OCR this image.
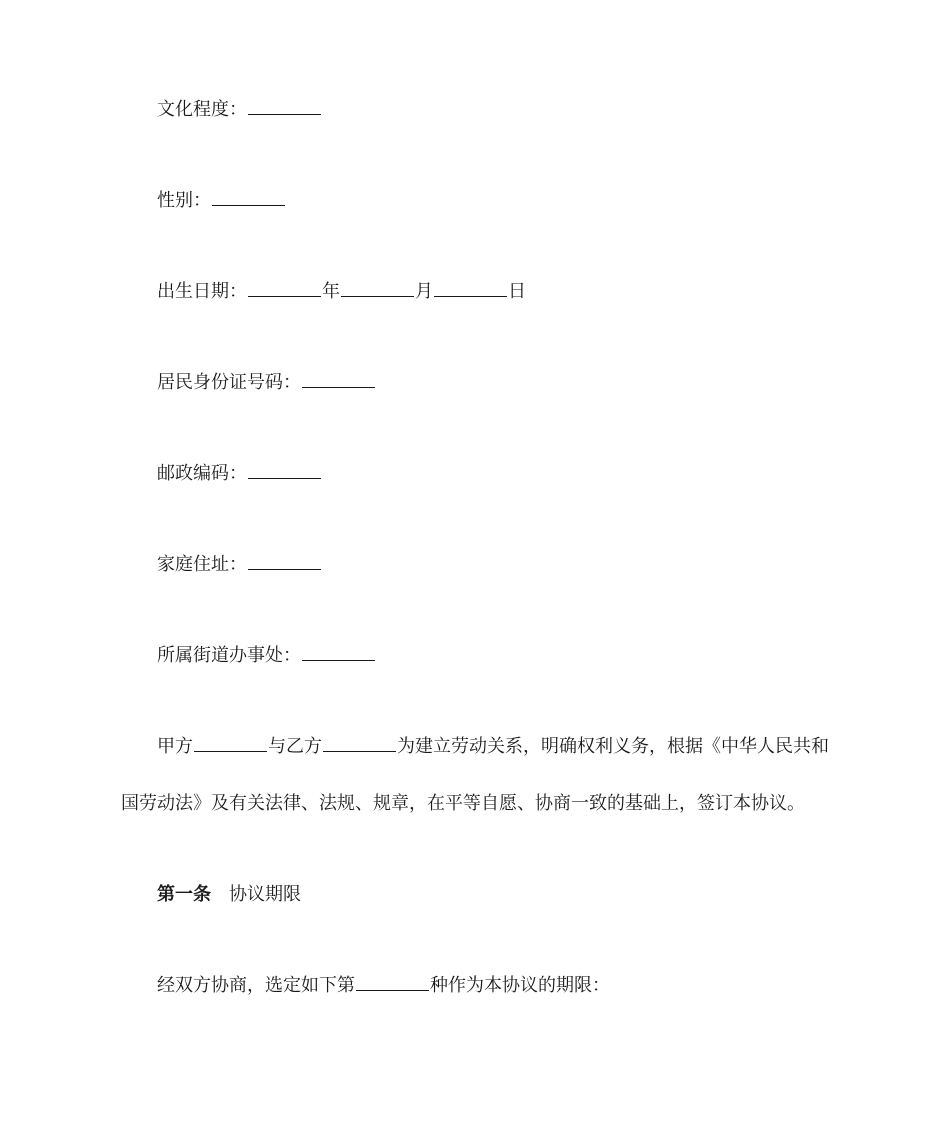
文化程度：
性别：
出生日期：	年	月	日
居民身份证号码：
邮政编码：
家庭住址：
所属街道办事处：
甲方	与乙方	为建立劳动关系，明确权利义务，根据《中华人民共和
国劳动法》及有关法律、法规、规章，在平等自愿、协商一致的基础上，签订本协议。
第一条 协议期限
经双方协商，选定如下第	种作为本协议的期限：
